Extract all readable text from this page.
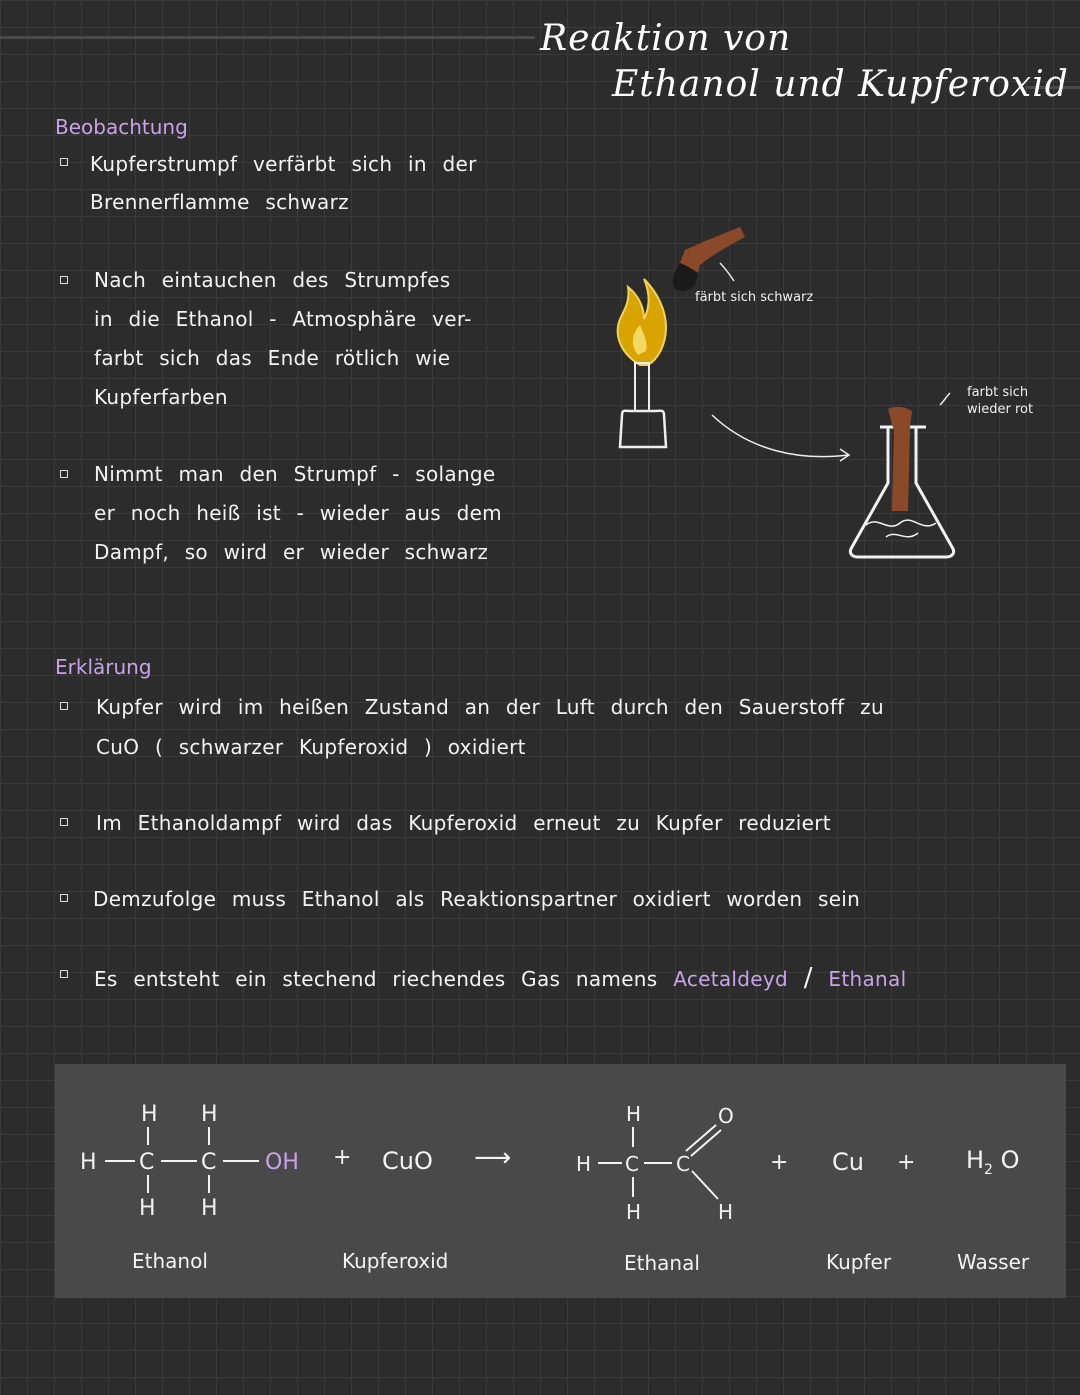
Reaktion von
Ethanol und Kupferoxid
Beobachtung
Kupferstrumpf verfärbt sich in der
Brennerflamme schwarz
Nach eintauchen des Strumpfes
in die Ethanol - Atmosphäre ver-
farbt sich das Ende rötlich wie
Kupferfarben
Nimmt man den Strumpf - solange
er noch heiß ist - wieder aus dem
Dampf, so wird er wieder schwarz
färbt sich schwarz
farbt sich
wieder rot
Erklärung
Kupfer wird im heißen Zustand an der Luft durch den Sauerstoff zu
CuO ( schwarzer Kupferoxid ) oxidiert
Im Ethanoldampf wird das Kupferoxid erneut zu Kupfer reduziert
Demzufolge muss Ethanol als Reaktionspartner oxidiert worden sein
Es entsteht ein stechend riechendes Gas namens Acetaldeyd / Ethanal
H H
H C C
H H
OH + CuO ⟶
H
H C C
H	H
O
+ $Cu + H_2$ O
Ethanol	Kupferoxid	Ethanal	Kupfer	Wasser
